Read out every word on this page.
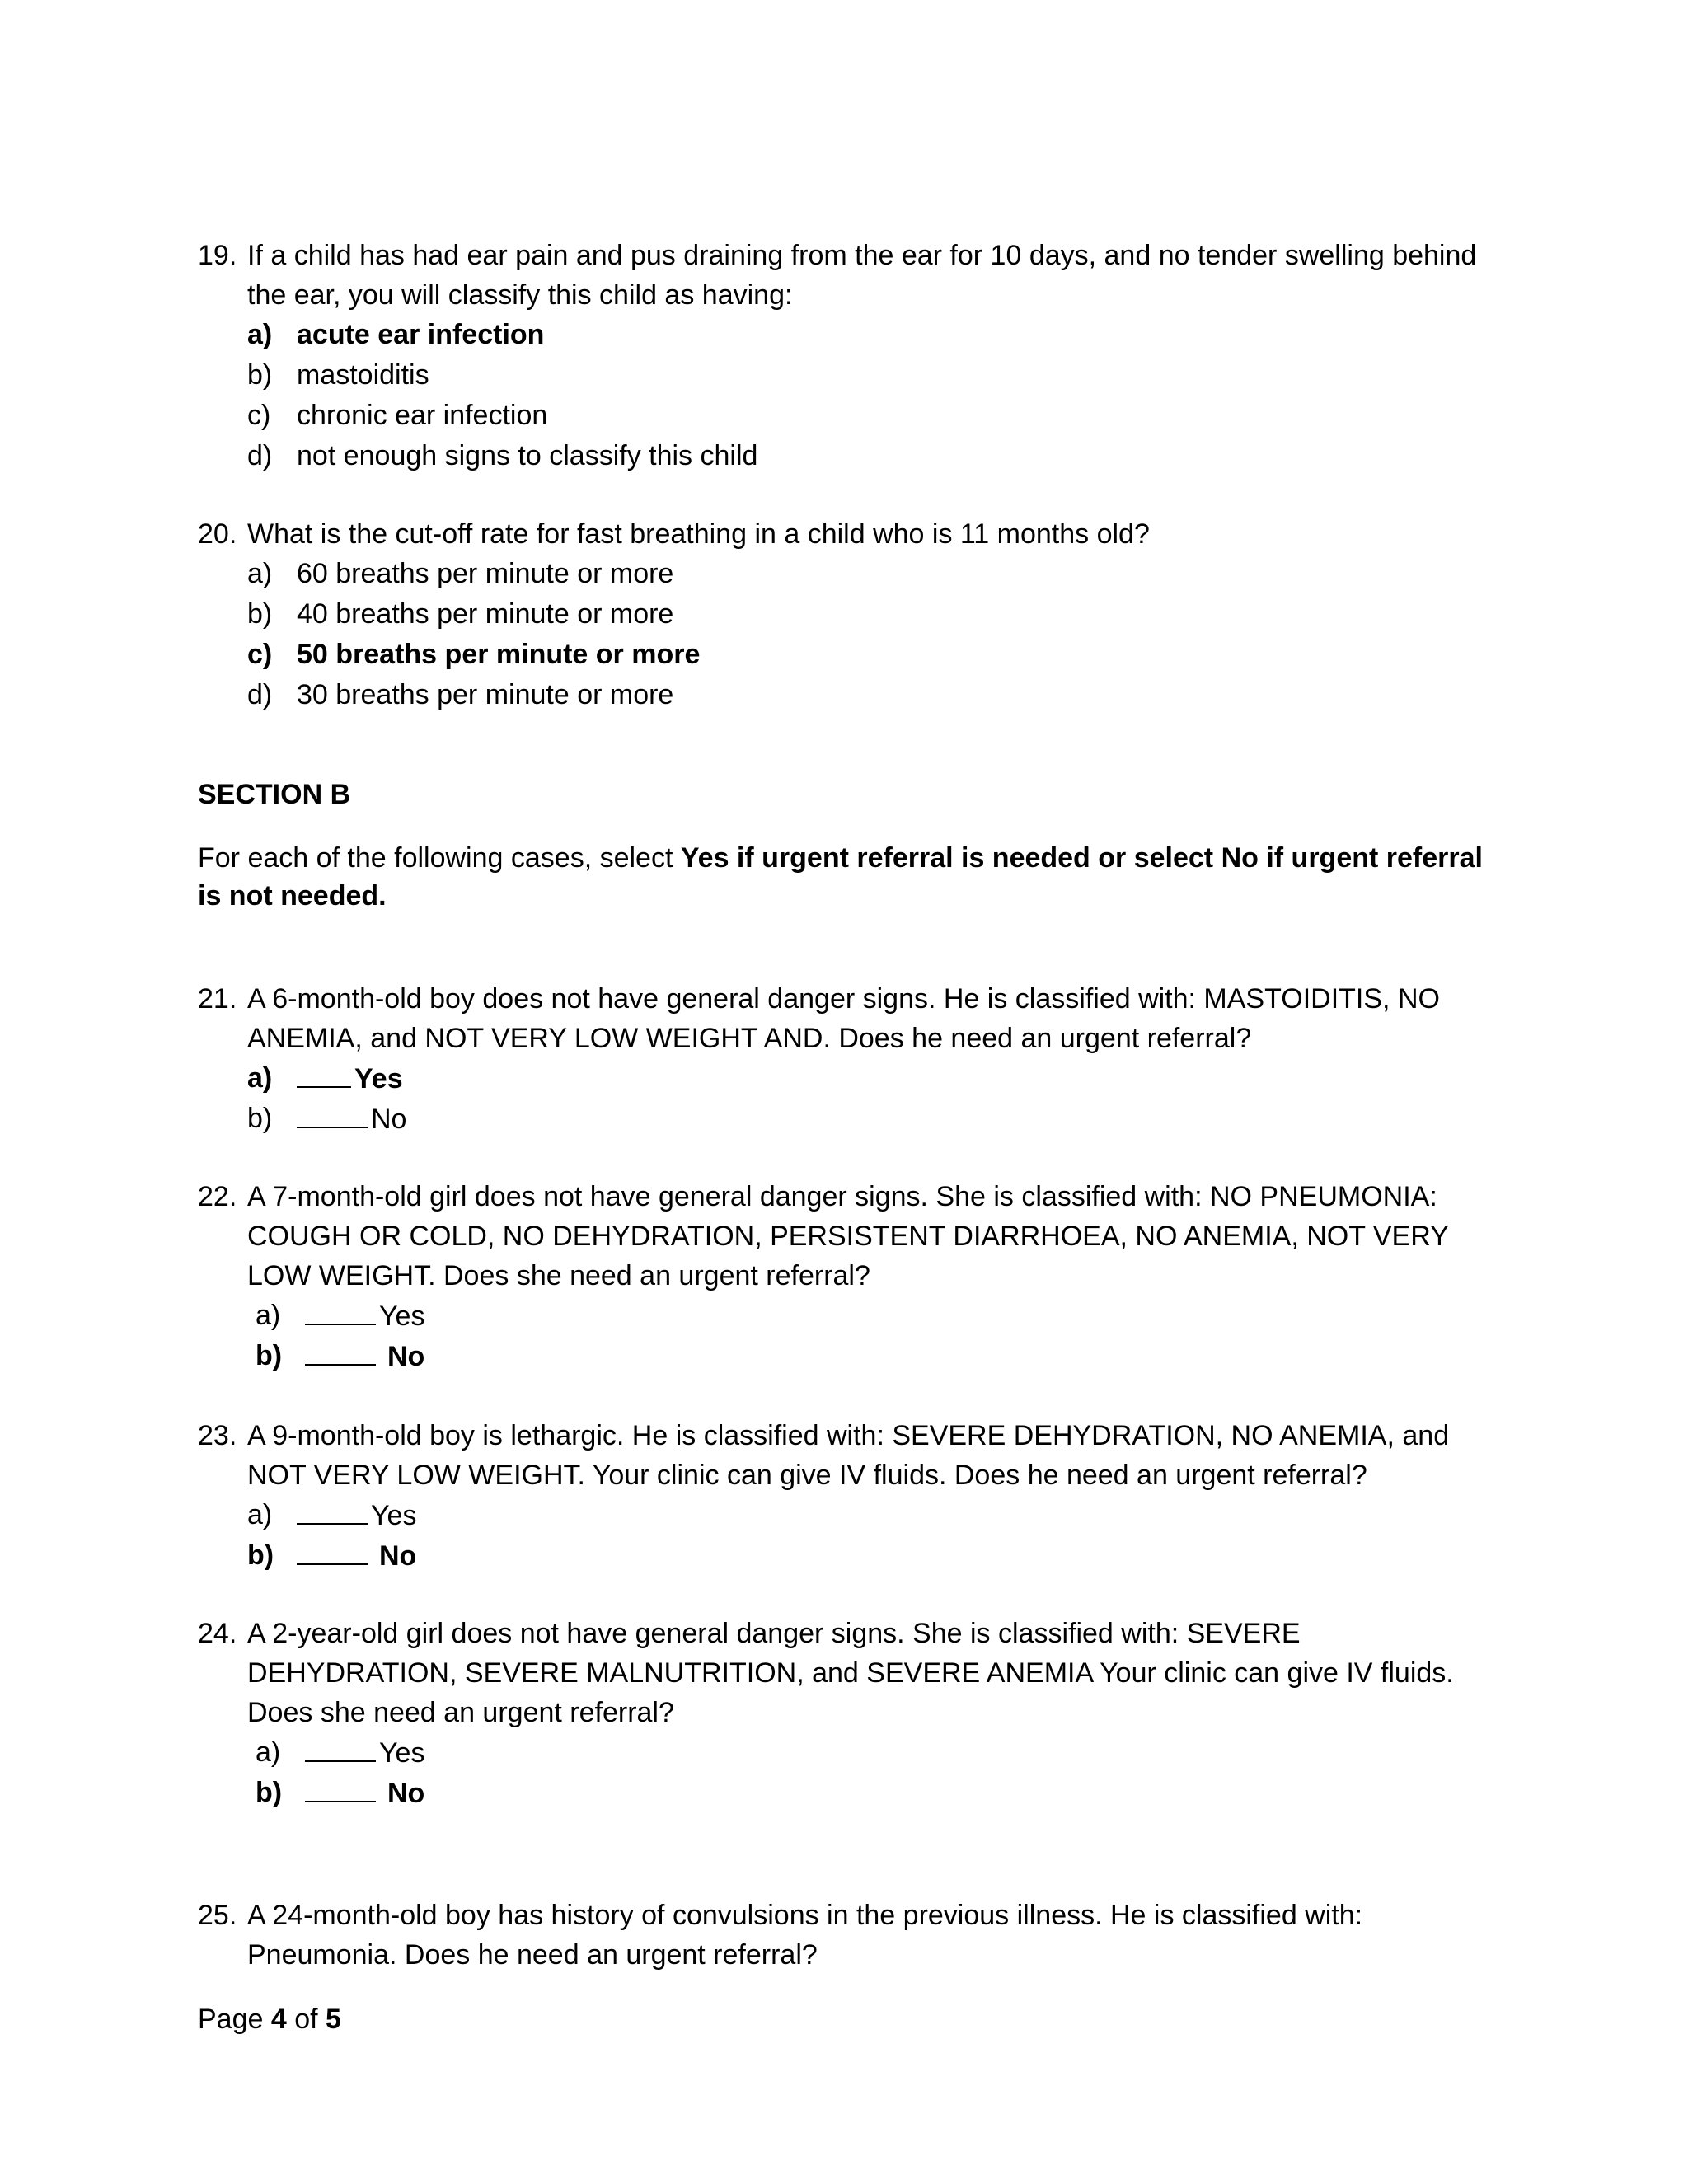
19. If a child has had ear pain and pus draining from the ear for 10 days, and no tender swelling behind the ear, you will classify this child as having:
a) acute ear infection
b) mastoiditis
c) chronic ear infection
d) not enough signs to classify this child
20. What is the cut-off rate for fast breathing in a child who is 11 months old?
a) 60 breaths per minute or more
b) 40 breaths per minute or more
c) 50 breaths per minute or more
d) 30 breaths per minute or more
SECTION B
For each of the following cases, select Yes if urgent referral is needed or select No if urgent referral is not needed.
21. A 6-month-old boy does not have general danger signs. He is classified with: MASTOIDITIS, NO ANEMIA, and NOT VERY LOW WEIGHT AND. Does he need an urgent referral?
a)	Yes
b)	No
22. A 7-month-old girl does not have general danger signs. She is classified with: NO PNEUMONIA: COUGH OR COLD, NO DEHYDRATION, PERSISTENT DIARRHOEA, NO ANEMIA, NOT VERY LOW WEIGHT. Does she need an urgent referral?
a)	Yes
b)	No
23. A 9-month-old boy is lethargic. He is classified with: SEVERE DEHYDRATION, NO ANEMIA, and NOT VERY LOW WEIGHT. Your clinic can give IV fluids. Does he need an urgent referral?
a)	Yes
b)	No
24. A 2-year-old girl does not have general danger signs. She is classified with: SEVERE DEHYDRATION, SEVERE MALNUTRITION, and SEVERE ANEMIA Your clinic can give IV fluids. Does she need an urgent referral?
a)	Yes
b)	No
25. A 24-month-old boy has history of convulsions in the previous illness. He is classified with: Pneumonia. Does he need an urgent referral?
Page 4 of 5
